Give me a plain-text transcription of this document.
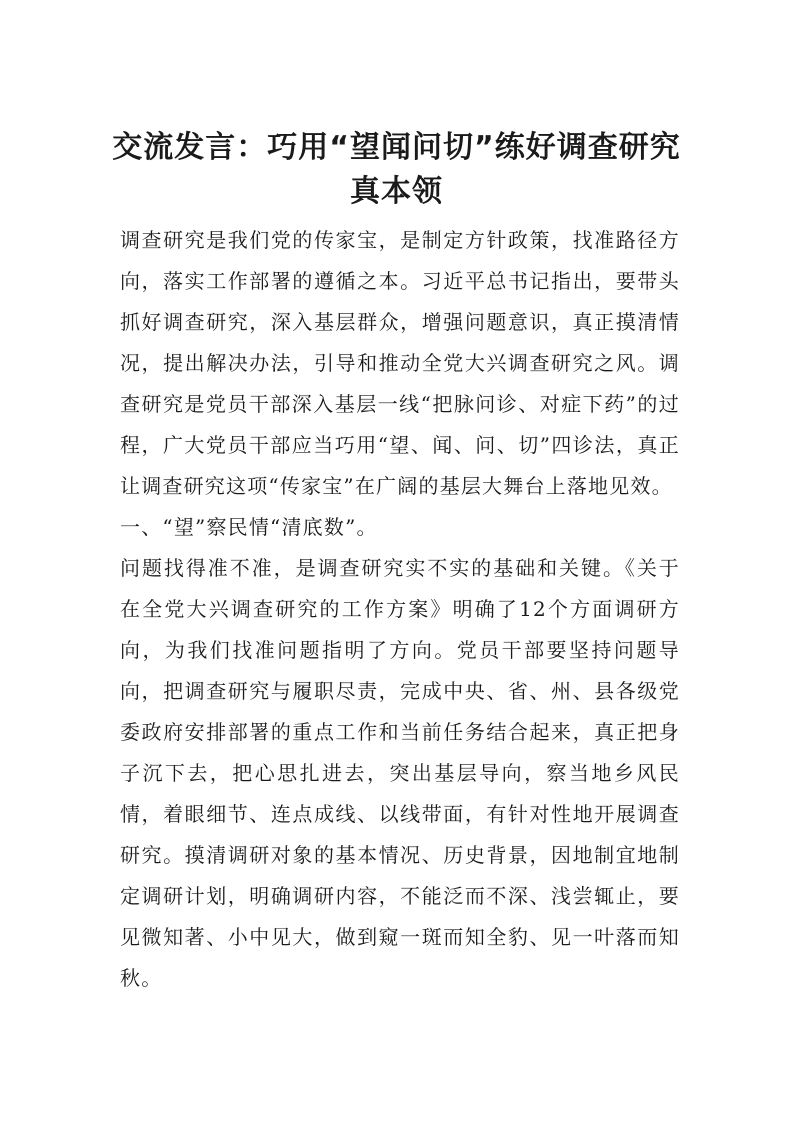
交流发言：巧用“望闻问切”练好调查研究
真本领

调查研究是我们党的传家宝，是制定方针政策，找准路径方向，落实工作部署的遵循之本。习近平总书记指出，要带头抓好调查研究，深入基层群众，增强问题意识，真正摸清情况，提出解决办法，引导和推动全党大兴调查研究之风。调查研究是党员干部深入基层一线“把脉问诊、对症下药”的过程，广大党员干部应当巧用“望、闻、问、切”四诊法，真正让调查研究这项“传家宝”在广阔的基层大舞台上落地见效。

一、“望”察民情“清底数”。

问题找得准不准，是调查研究实不实的基础和关键。《关于在全党大兴调查研究的工作方案》明确了12个方面调研方向，为我们找准问题指明了方向。党员干部要坚持问题导向，把调查研究与履职尽责，完成中央、省、州、县各级党委政府安排部署的重点工作和当前任务结合起来，真正把身子沉下去，把心思扎进去，突出基层导向，察当地乡风民情，着眼细节、连点成线、以线带面，有针对性地开展调查研究。摸清调研对象的基本情况、历史背景，因地制宜地制定调研计划，明确调研内容，不能泛而不深、浅尝辄止，要见微知著、小中见大，做到窥一斑而知全豹、见一叶落而知秋。
